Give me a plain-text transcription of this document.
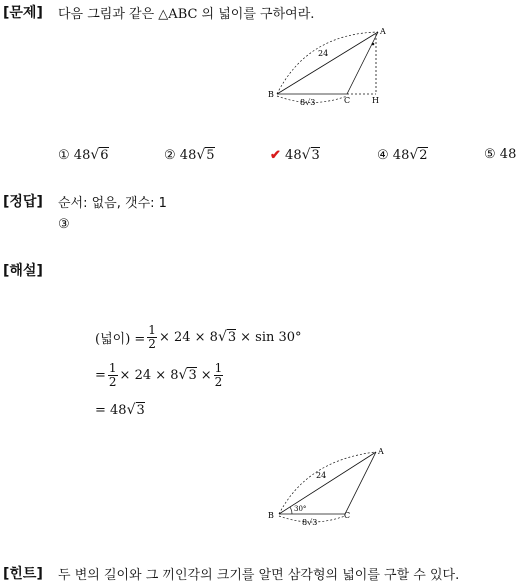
[문제] 다음 그림과 같은 △ABC 의 넓이를 구하여라.
A
B
C	H
24
8√3
① 48√6	② 48√5	✔ 48√3	④ 48√2	⑤ 48
[정답] 순서: 없음, 갯수: 1
③
[해설]
(넓이) = $\frac{1}{2} \times 24 \times 8$ √ 3 × sin 30°
= $\frac{1}{2} \times 24 \times 8$ √ $3 \times \frac{1}{2}$
= 48 √ 3
A
B	C
24
8√3
30°
[힌트] 두 변의 길이와 그 끼인각의 크기를 알면 삼각형의 넓이를 구할 수 있다.
